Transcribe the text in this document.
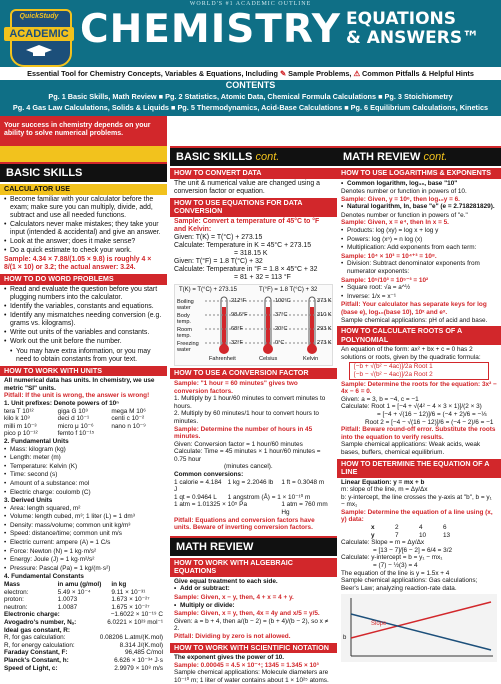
WORLD'S #1 ACADEMIC OUTLINE
QuickStudy
ACADEMIC CHEMISTRY EQUATIONS
& ANSWERS™
Essential Tool for Chemistry Concepts, Variables & Equations, Including ✎ Sample Problems, ⚠ Common Pitfalls & Helpful Hints
CONTENTS
Pg. 1 Basic Skills, Math Review ■ Pg. 2 Statistics, Atomic Data, Chemical Formula Calculations ■ Pg. 3 Stoichiometry
Pg. 4 Gas Law Calculations, Solids & Liquids ■ Pg. 5 Thermodynamics, Acid-Base Calculations ■ Pg. 6 Equilibrium Calculations, Kinetics
Your success in chemistry depends on your ability to solve numerical problems.
BASIC SKILLS
CALCULATOR USE
• Become familiar with your calculator before the exam; make sure you can multiply, divide, add, subtract and use all needed functions.
• Calculators never make mistakes; they take your input (intended & accidental) and give an answer.
• Look at the answer; does it make sense?
• Do a quick estimate to check your work.
Sample: 4.34 × 7.88/(1.05 × 9.8) is roughly 4 × 8/(1 × 10) or 3.2; the actual answer: 3.24.
HOW TO DO WORD PROBLEMS
• Read and evaluate the question before you start plugging numbers into the calculator.
• Identify the variables, constants and equations.
• Identify any mismatches needing conversion (e.g. grams vs. kilograms).
• Write out units of the variables and constants.
• Work out the unit before the number.
• You may have extra information, or you may need to obtain constants from your text.
HOW TO WORK WITH UNITS
All numerical data has units. In chemistry, we use metric "SI" units.
Pitfall: If the unit is wrong, the answer is wrong!
1. Unit prefixes: Denote powers of 10ⁿ
tera T 10¹²	giga G 10⁹	mega M 10⁶
kilo k 10³	deci d 10⁻¹	centi c 10⁻²
milli m 10⁻³	micro μ 10⁻⁶	nano n 10⁻⁹
pico p 10⁻¹²	femto f 10⁻¹⁵
2. Fundamental Units
• Mass: kilogram (kg)
• Length: meter (m)
• Temperature: Kelvin (K)
• Time: second (s)
• Amount of a substance: mol
• Electric charge: coulomb (C)
3. Derived Units
• Area: length squared, m²
• Volume: length cubed, m³; 1 liter (L) = 1 dm³
• Density: mass/volume; common unit kg/m³
• Speed: distance/time; common unit m/s
• Electric current: ampere (A) = 1 C/s
• Force: Newton (N) = 1 kg·m/s²
• Energy: Joule (J) = 1 kg·m²/s²
• Pressure: Pascal (Pa) = 1 kg/(m·s²)
4. Fundamental Constants
Mass	in amu (g/mol)	in kg
electron:	5.49 × 10⁻⁴	9.11 × 10⁻³¹
proton:	1.0073	1.673 × 10⁻²⁷
neutron:	1.0087	1.675 × 10⁻²⁷
Electronic charge:	−1.6022 × 10⁻¹⁹ C
Avogadro's number, Nₐ:	6.0221 × 10²³ mol⁻¹
Ideal gas constant, R:
R, for gas calculation:	0.08206 L.atm/(K.mol)
R, for energy calculation:	8.314 J/(K.mol)
Faraday Constant, F:	96,485 C/mol
Planck's Constant, h:	6.626 × 10⁻³⁴ J·s
Speed of Light, c:	2.9979 × 10⁸ m/s
BASIC SKILLS cont.
HOW TO CONVERT DATA
The unit & numerical value are changed using a conversion factor or equation.
HOW TO USE EQUATIONS FOR DATA CONVERSION
Sample: Convert a temperature of 45°C to °F and Kelvin:
Given: T(K) = T(°C) + 273.15
Calculate: Temperature in K = 45°C + 273.15
= 318.15 K
Given: T(°F) = 1.8 T(°C) + 32
Calculate: Temperature in °F = 1.8 × 45°C + 32
= 81 + 32 = 113 °F
T(K) = T(°C) + 273.15	T(°F) = 1.8 T(°C) + 32
Boiling water
Body temp.
Room temp.
Freezing water
212°F
98.6°F
68°F
32°F
100°C
37°C
20°C
0°C
373 K
310 K
293 K
273 K
Fahrenheit	Celsius	Kelvin
HOW TO USE A CONVERSION FACTOR
Sample: "1 hour = 60 minutes" gives two conversion factors.
1. Multiply by 1 hour/60 minutes to convert minutes to hours.
2. Multiply by 60 minutes/1 hour to convert hours to minutes.
Sample: Determine the number of hours in 45 minutes.
Given: Conversion factor = 1 hour/60 minutes
Calculate: Time = 45 minutes × 1 hour/60 minutes = 0.75 hour
(minutes cancel).
Common conversions:
1 calorie = 4.184 J
1 kg = 2.2046 lb	1 ft = 0.3048 m
1 qt = 0.9464 L	1 angstrom (Å) = 1 × 10⁻¹⁰ m
1 atm = 1.01325 × 10⁵ Pa	1 atm = 760 mm Hg
Pitfall: Equations and conversion factors have units. Beware of inverting conversion factors.
MATH REVIEW
HOW TO WORK WITH ALGEBRAIC EQUATIONS
Give equal treatment to each side.
• Add or subtract:
Sample: Given, x − y, then, 4 + x = 4 + y.
• Multiply or divide:
Sample: Given, x = y, then, 4x = 4y and x/5 = y/5.
Given: a = b + 4, then a/(b − 2) = (b + 4)/(b − 2), so x ≠ 2.
Pitfall: Dividing by zero is not allowed.
HOW TO WORK WITH SCIENTIFIC NOTATION
The exponent gives the power of 10.
Sample: 0.00045 = 4.5 × 10⁻⁴; 1345 = 1.345 × 10³
Sample chemical applications: Molecule diameters are 10⁻¹⁰ m; 1 liter of water contains about 1 × 10²⁵ atoms.
MATH REVIEW cont.
HOW TO USE LOGARITHMS & EXPONENTS
• Common logarithm, log₁₀, base "10"
Denotes number or function in powers of 10.
Sample: Given, y = 10⁶, then log₁₀y = 6.
• Natural logarithm, ln, base "e" (e = 2.718281829).
Denotes number or function in powers of "e."
Sample: Given, x = e⁴, then ln x = 5.
• Products: log (xy) = log x + log y
• Powers: log (xⁿ) = n log (x)
• Multiplication: Add exponents from each term:
Sample: 10⁴ × 10³ = 10⁴⁺³ = 10⁸.
• Division: Subtract denominator exponents from numerator exponents:
Sample: 10⁵/10³ = 10⁵⁻³ = 10²
• Square root: √a = a^½
• Inverse: 1/x = x⁻¹
Pitfall: Your calculator has separate keys for log (base e), log₁₀(base 10), 10ˣ and eˣ.
Sample chemical applications: pH of acid and base.
HOW TO CALCULATE ROOTS OF A POLYNOMIAL
An equation of the form: ax² + bx + c = 0 has 2 solutions or roots, given by the quadratic formula:
[−b + √(b² − 4ac)]/2a Root 1
[−b − √(b² − 4ac)]/2a Root 2
Sample: Determine the roots for the equation: 3x² − 4x − 6 = 0.
Given: a = 3, b = −4, c = −1
Calculate: Root 1 = [−4 + √(4² − 4 × 3 × 1)]/(2 × 3)
= [−4 + √(16 − 12)]/6 = (−4 + 2)/6 = −⅓
Root 2 = [−4 − √(16 − 12)]/6 = (−4 − 2)/6 = −1
Pitfall: Beware round-off error. Substitute the roots into the equation to verify results.
Sample chemical applications: Weak acids, weak bases, buffers, chemical equilibrium.
HOW TO DETERMINE THE EQUATION OF A LINE
Linear Equation: y = mx + b
m: slope of the line, m = Δy/Δx
b: y-intercept, the line crosses the y-axis at "b", b = y₁ − mx₁
Sample: Determine the equation of a line using (x, y) data:
x	2	4	6
y	7	10	13
Calculate: Slope = m = Δy/Δx
= [13 − 7]/[6 − 2] = 6/4 = 3/2
Calculate: y-intercept = b = y₁ − mx₁
= (7) − ½(3) = 4
The equation of the line is y = 1.5x + 4
Sample chemical applications: Gas calculations; Beer's Law; analyzing reaction-rate data.
Slope
b
